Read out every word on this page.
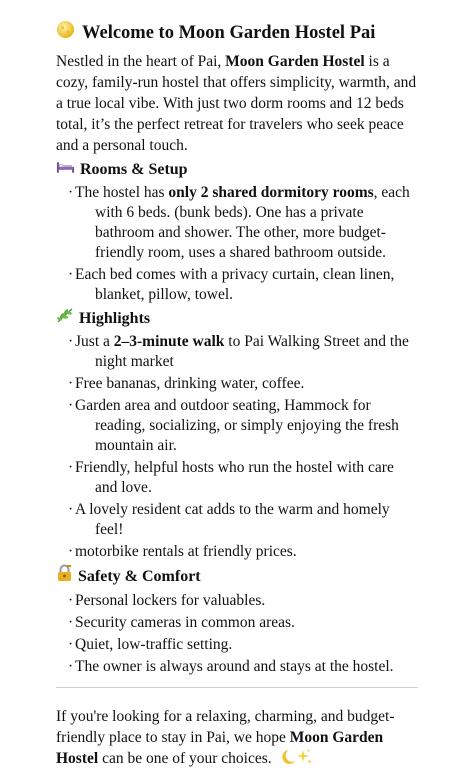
Welcome to Moon Garden Hostel Pai

Nestled in the heart of Pai, Moon Garden Hostel is a cozy, family-run hostel that offers simplicity, warmth, and a true local vibe. With just two dorm rooms and 12 beds total, it’s the perfect retreat for travelers who seek peace and a personal touch.

Rooms & Setup
· The hostel has only 2 shared dormitory rooms, each with 6 beds. (bunk beds). One has a private bathroom and shower. The other, more budget-friendly room, uses a shared bathroom outside.
· Each bed comes with a privacy curtain, clean linen, blanket, pillow, towel.
Highlights
· Just a 2–3-minute walk to Pai Walking Street and the night market
· Free bananas, drinking water, coffee.
· Garden area and outdoor seating, Hammock for reading, socializing, or simply enjoying the fresh mountain air.
· Friendly, helpful hosts who run the hostel with care and love.
· A lovely resident cat adds to the warm and homely feel!
· motorbike rentals at friendly prices.
Safety & Comfort
· Personal lockers for valuables.
· Security cameras in common areas.
· Quiet, low-traffic setting.
· The owner is always around and stays at the hostel.

If you're looking for a relaxing, charming, and budget-friendly place to stay in Pai, we hope Moon Garden Hostel can be one of your choices.
